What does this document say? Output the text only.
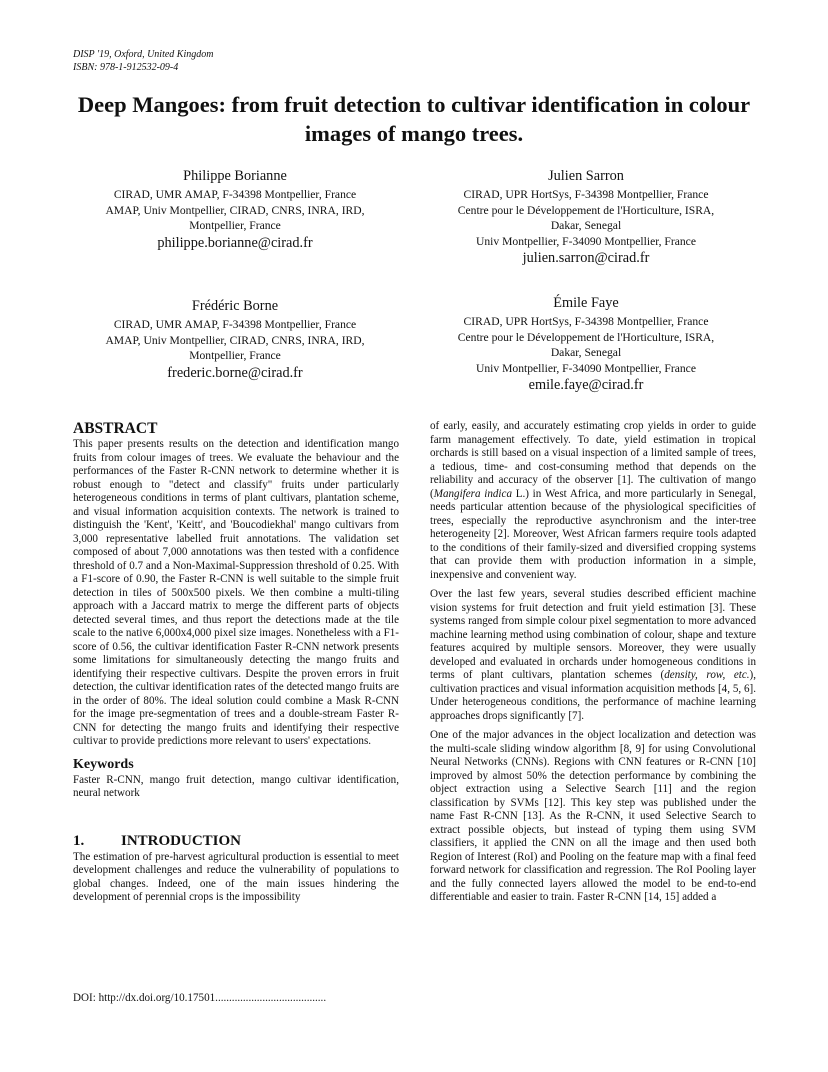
DISP '19, Oxford, United Kingdom
ISBN: 978-1-912532-09-4
Deep Mangoes: from fruit detection to cultivar identification in colour images of mango trees.
Philippe Borianne
CIRAD, UMR AMAP, F-34398 Montpellier, France
AMAP, Univ Montpellier, CIRAD, CNRS, INRA, IRD,
Montpellier, France
philippe.borianne@cirad.fr
Julien Sarron
CIRAD, UPR HortSys, F-34398 Montpellier, France
Centre pour le Développement de l'Horticulture, ISRA,
Dakar, Senegal
Univ Montpellier, F-34090 Montpellier, France
julien.sarron@cirad.fr
Frédéric Borne
CIRAD, UMR AMAP, F-34398 Montpellier, France
AMAP, Univ Montpellier, CIRAD, CNRS, INRA, IRD,
Montpellier, France
frederic.borne@cirad.fr
Émile Faye
CIRAD, UPR HortSys, F-34398 Montpellier, France
Centre pour le Développement de l'Horticulture, ISRA,
Dakar, Senegal
Univ Montpellier, F-34090 Montpellier, France
emile.faye@cirad.fr
ABSTRACT

This paper presents results on the detection and identification mango fruits from colour images of trees. We evaluate the behaviour and the performances of the Faster R-CNN network to determine whether it is robust enough to "detect and classify" fruits under particularly heterogeneous conditions in terms of plant cultivars, plantation scheme, and visual information acquisition contexts. The network is trained to distinguish the 'Kent', 'Keitt', and 'Boucodiekhal' mango cultivars from 3,000 representative labelled fruit annotations. The validation set composed of about 7,000 annotations was then tested with a confidence threshold of 0.7 and a Non-Maximal-Suppression threshold of 0.25. With a F1-score of 0.90, the Faster R-CNN is well suitable to the simple fruit detection in tiles of 500x500 pixels. We then combine a multi-tiling approach with a Jaccard matrix to merge the different parts of objects detected several times, and thus report the detections made at the tile scale to the native 6,000x4,000 pixel size images. Nonetheless with a F1-score of 0.56, the cultivar identification Faster R-CNN network presents some limitations for simultaneously detecting the mango fruits and identifying their respective cultivars. Despite the proven errors in fruit detection, the cultivar identification rates of the detected mango fruits are in the order of 80%. The ideal solution could combine a Mask R-CNN for the image pre-segmentation of trees and a double-stream Faster R-CNN for detecting the mango fruits and identifying their respective cultivar to provide predictions more relevant to users' expectations.

Keywords

Faster R-CNN, mango fruit detection, mango cultivar identification, neural network

1. INTRODUCTION

The estimation of pre-harvest agricultural production is essential to meet development challenges and reduce the vulnerability of populations to global changes. Indeed, one of the main issues hindering the development of perennial crops is the impossibility

of early, easily, and accurately estimating crop yields in order to guide farm management effectively. To date, yield estimation in tropical orchards is still based on a visual inspection of a limited sample of trees, a tedious, time- and cost-consuming method that depends on the reliability and accuracy of the observer [1]. The cultivation of mango (Mangifera indica L.) in West Africa, and more particularly in Senegal, needs particular attention because of the physiological specificities of trees, especially the reproductive asynchronism and the inter-tree heterogeneity [2]. Moreover, West African farmers require tools adapted to the conditions of their family-sized and diversified cropping systems that can provide them with production information in a simple, inexpensive and convenient way.

Over the last few years, several studies described efficient machine vision systems for fruit detection and fruit yield estimation [3]. These systems ranged from simple colour pixel segmentation to more advanced machine learning method using combination of colour, shape and texture features acquired by multiple sensors. Moreover, they were usually developed and evaluated in orchards under homogeneous conditions in terms of plant cultivars, plantation schemes (density, row, etc.), cultivation practices and visual information acquisition methods [4, 5, 6]. Under heterogeneous conditions, the performance of machine learning approaches drops significantly [7].

One of the major advances in the object localization and detection was the multi-scale sliding window algorithm [8, 9] for using Convolutional Neural Networks (CNNs). Regions with CNN features or R-CNN [10] improved by almost 50% the detection performance by combining the object extraction using a Selective Search [11] and the region classification by SVMs [12]. This key step was published under the name Fast R-CNN [13]. As the R-CNN, it used Selective Search to extract possible objects, but instead of typing them using SVM classifiers, it applied the CNN on all the image and then used both Region of Interest (RoI) and Pooling on the feature map with a final feed forward network for classification and regression. The RoI Pooling layer and the fully connected layers allowed the model to be end-to-end differentiable and easier to train. Faster R-CNN [14, 15] added a

DOI: http://dx.doi.org/10.17501........................................
